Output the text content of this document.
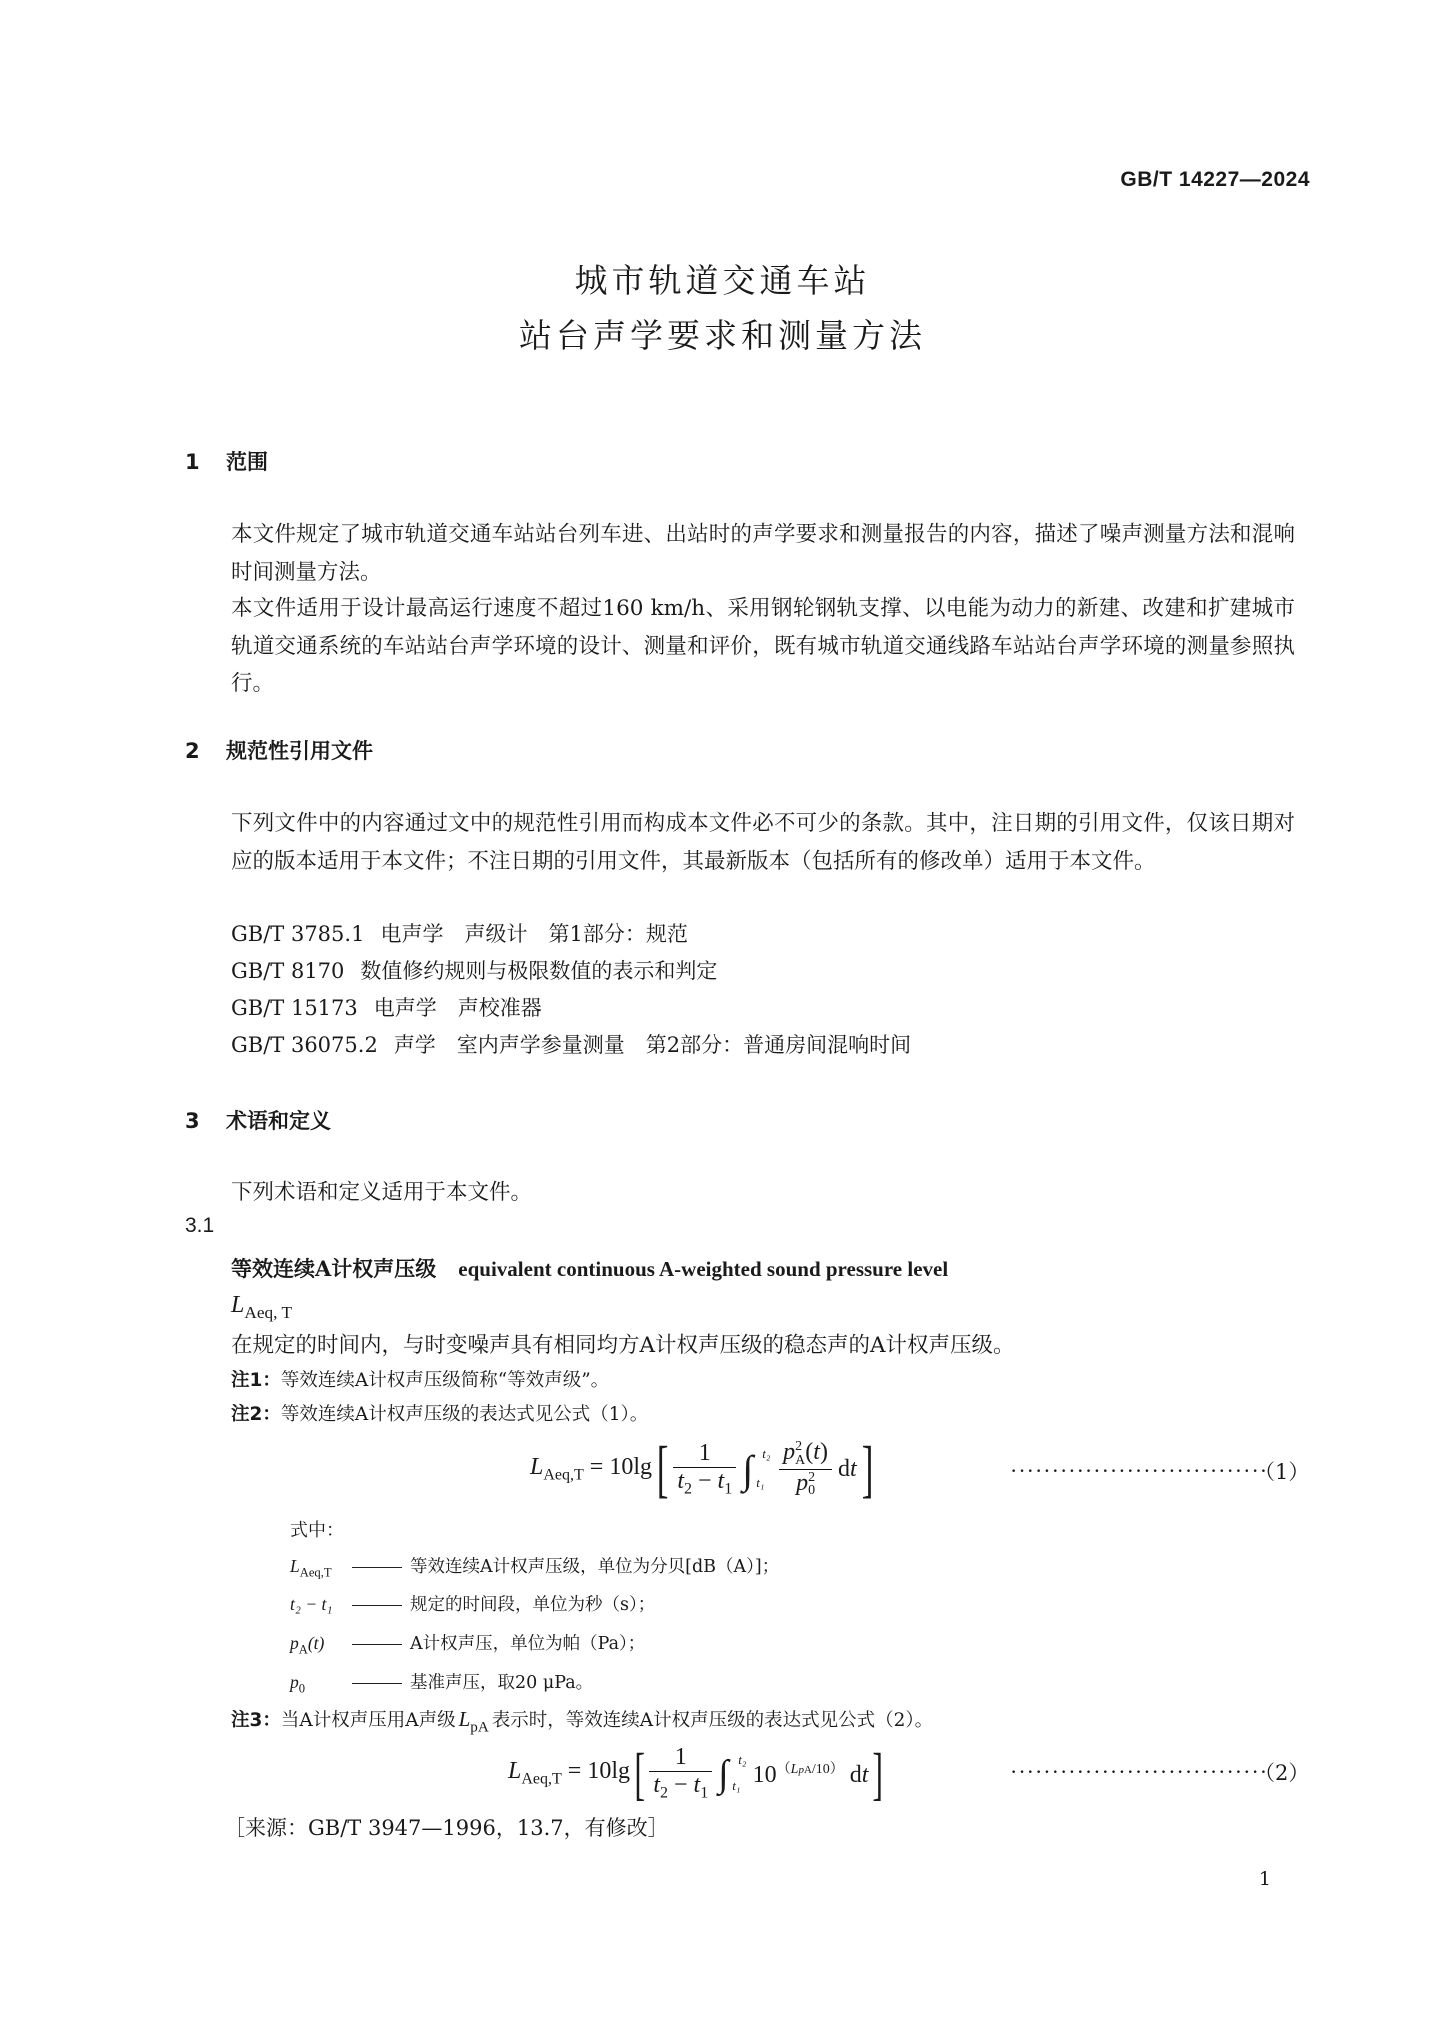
GB/T 14227—2024
城市轨道交通车站
站台声学要求和测量方法
1 范围
本文件规定了城市轨道交通车站站台列车进、出站时的声学要求和测量报告的内容，描述了噪声测量方法和混响时间测量方法。
本文件适用于设计最高运行速度不超过160 km/h、采用钢轮钢轨支撑、以电能为动力的新建、改建和扩建城市轨道交通系统的车站站台声学环境的设计、测量和评价，既有城市轨道交通线路车站站台声学环境的测量参照执行。
2 规范性引用文件
下列文件中的内容通过文中的规范性引用而构成本文件必不可少的条款。其中，注日期的引用文件，仅该日期对应的版本适用于本文件；不注日期的引用文件，其最新版本（包括所有的修改单）适用于本文件。
GB/T 3785.1 电声学　声级计　第1部分：规范
GB/T 8170 数值修约规则与极限数值的表示和判定
GB/T 15173 电声学　声校准器
GB/T 36075.2 声学　室内声学参量测量　第2部分：普通房间混响时间
3 术语和定义
下列术语和定义适用于本文件。
3.1
等效连续A计权声压级 equivalent continuous A-weighted sound pressure level
$L_{Aeq, T}$
在规定的时间内，与时变噪声具有相同均方A计权声压级的稳态声的A计权声压级。
注1：等效连续A计权声压级简称“等效声级”。
注2：等效连续A计权声压级的表达式见公式（1）。
$L_{Aeq,T} = 10\lg$ [ $\frac{1}{t_2 - t_1}$ ∫ t₂
t₁
$\frac{p^2_A(t)}{p^2_0}$ dt ]	·······························
（1）
式中：
$L_{Aeq,T}$	等效连续A计权声压级，单位为分贝[dB（A）]；
t₂ − t₁	规定的时间段，单位为秒（s）；
$p_A(t)$	A计权声压，单位为帕（Pa）；
$p_0$	基准声压，取20 μPa。
注3：当A计权声压用A声级 $L_{pA}$ 表示时，等效连续A计权声压级的表达式见公式（2）。
$L_{Aeq,T} = 10\lg$ [ $\frac{1}{t_2 - t_1}$ ∫ t₂
t₁ $10^{(LpA/10)}$ dt ]	·······························
（2）
［来源：GB/T 3947—1996，13.7，有修改］
1
